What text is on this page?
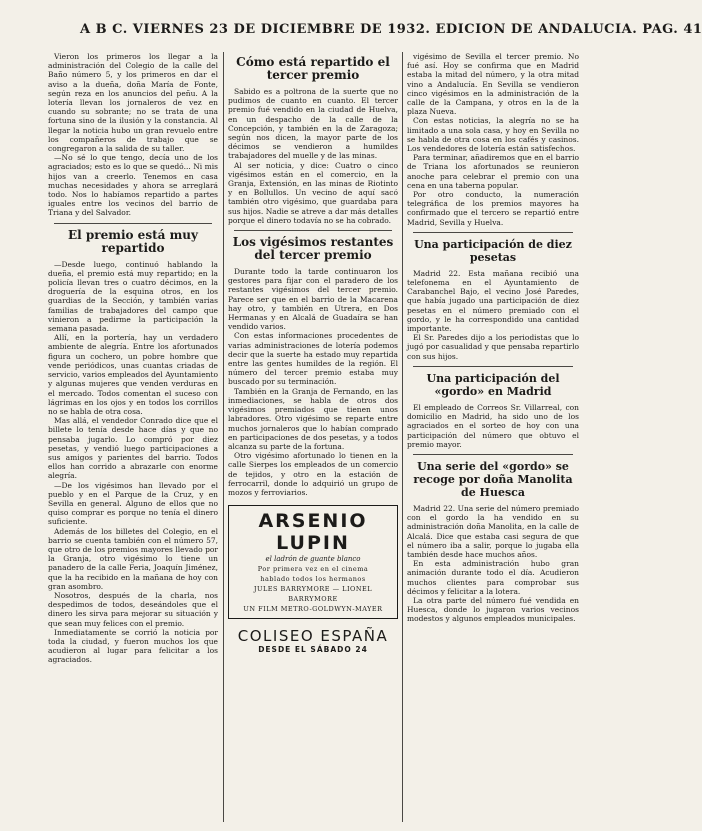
A B C. VIERNES 23 DE DICIEMBRE DE 1932. EDICION DE ANDALUCIA. PAG. 41

Vieron los primeros los llegar a la administración del Colegio de la calle del Baño número 5, y los primeros en dar el aviso a la dueña, doña María de Fonte, según reza en los anuncios del peñu. A la lotería llevan los jornaleros de vez en cuando su sobrante; no se trata de una fortuna sino de la ilusión y la constancia. Al llegar la noticia hubo un gran revuelo entre los compañeros de trabajo que se congregaron a la salida de su taller.

—No sé lo que tengo, decía uno de los agraciados; esto es lo que se quedó... Ni mis hijos van a creerlo. Tenemos en casa muchas necesidades y ahora se arreglará todo. Nos lo habíamos repartido a partes iguales entre los vecinos del barrio de Triana y del Salvador.

El premio está muy repartido

—Desde luego, continuó hablando la dueña, el premio está muy repartido; en la policía llevan tres o cuatro décimos, en la droguería de la esquina otros, en los guardias de la Sección, y también varias familias de trabajadores del campo que vinieron a pedirme la participación la semana pasada.

Allí, en la portería, hay un verdadero ambiente de alegría. Entre los afortunados figura un cochero, un pobre hombre que vende periódicos, unas cuantas criadas de servicio, varios empleados del Ayuntamiento y algunas mujeres que venden verduras en el mercado. Todos comentan el suceso con lágrimas en los ojos y en todos los corrillos no se habla de otra cosa.

Mas allá, el vendedor Conrado dice que el billete lo tenía desde hace días y que no pensaba jugarlo. Lo compró por diez pesetas, y vendió luego participaciones a sus amigos y parientes del barrio. Todos ellos han corrido a abrazarle con enorme alegría.

—De los vigésimos han llevado por el pueblo y en el Parque de la Cruz, y en Sevilla en general. Alguno de ellos que no quiso comprar es porque no tenía el dinero suficiente.

Además de los billetes del Colegio, en el barrio se cuenta también con el número 57, que otro de los premios mayores llevado por la Granja, otro vigésimo lo tiene un panadero de la calle Feria, Joaquín Jiménez, que la ha recibido en la mañana de hoy con gran asombro.

Nosotros, después de la charla, nos despedimos de todos, deseándoles que el dinero les sirva para mejorar su situación y que sean muy felices con el premio.

Inmediatamente se corrió la noticia por toda la ciudad, y fueron muchos los que acudieron al lugar para felicitar a los agraciados.

Cómo está repartido el tercer premio

Sabido es a poltrona de la suerte que no pudimos de cuanto en cuanto. El tercer premio fué vendido en la ciudad de Huelva, en un despacho de la calle de la Concepción, y también en la de Zaragoza; según nos dicen, la mayor parte de los décimos se vendieron a humildes trabajadores del muelle y de las minas.

Al ser noticia, y dice: Cuatro o cinco vigésimos están en el comercio, en la Granja, Extensión, en las minas de Riotinto y en Bollullos. Un vecino de aquí sacó también otro vigésimo, que guardaba para sus hijos. Nadie se atreve a dar más detalles porque el dinero todavía no se ha cobrado.

Los vigésimos restantes del tercer premio

Durante todo la tarde continuaron los gestores para fijar con el paradero de los restantes vigésimos del tercer premio. Parece ser que en el barrio de la Macarena hay otro, y también en Utrera, en Dos Hermanas y en Alcalá de Guadaíra se han vendido varios.

Con estas informaciones procedentes de varias administraciones de lotería podemos decir que la suerte ha estado muy repartida entre las gentes humildes de la región. El número del tercer premio estaba muy buscado por su terminación.

También en la Granja de Fernando, en las inmediaciones, se habla de otros dos vigésimos premiados que tienen unos labradores. Otro vigésimo se reparte entre muchos jornaleros que lo habían comprado en participaciones de dos pesetas, y a todos alcanza su parte de la fortuna.

Otro vigésimo afortunado lo tienen en la calle Sierpes los empleados de un comercio de tejidos, y otro en la estación de ferrocarril, donde lo adquirió un grupo de mozos y ferroviarios.

ARSENIO LUPIN
el ladrón de guante blanco
Por primera vez en el cinema
hablado todos los hermanos
JULES BARRYMORE — LIONEL BARRYMORE
UN FILM METRO-GOLDWYN-MAYER
COLISEO ESPAÑA
DESDE EL SÁBADO 24

vigésimo de Sevilla el tercer premio. No fué así. Hoy se confirma que en Madrid estaba la mitad del número, y la otra mitad vino a Andalucía. En Sevilla se vendieron cinco vigésimos en la administración de la calle de la Campana, y otros en la de la plaza Nueva.

Con estas noticias, la alegría no se ha limitado a una sola casa, y hoy en Sevilla no se habla de otra cosa en los cafés y casinos. Los vendedores de lotería están satisfechos.

Para terminar, añadiremos que en el barrio de Triana los afortunados se reunieron anoche para celebrar el premio con una cena en una taberna popular.

Por otro conducto, la numeración telegráfica de los premios mayores ha confirmado que el tercero se repartió entre Madrid, Sevilla y Huelva.

Una participación de diez pesetas

Madrid 22. Esta mañana recibió una telefonema en el Ayuntamiento de Carabanchel Bajo, el vecino José Paredes, que había jugado una participación de diez pesetas en el número premiado con el gordo, y le ha correspondido una cantidad importante.

El Sr. Paredes dijo a los periodistas que lo jugó por casualidad y que pensaba repartirlo con sus hijos.

Una participación del «gordo» en Madrid

El empleado de Correos Sr. Villarreal, con domicilio en Madrid, ha sido uno de los agraciados en el sorteo de hoy con una participación del número que obtuvo el premio mayor.

Una serie del «gordo» se recoge por doña Manolita de Huesca

Madrid 22. Una serie del número premiado con el gordo la ha vendido en su administración doña Manolita, en la calle de Alcalá. Dice que estaba casi segura de que el número iba a salir, porque lo jugaba ella también desde hace muchos años.

En esta administración hubo gran animación durante todo el día. Acudieron muchos clientes para comprobar sus décimos y felicitar a la lotera.

La otra parte del número fué vendida en Huesca, donde lo jugaron varios vecinos modestos y algunos empleados municipales.
